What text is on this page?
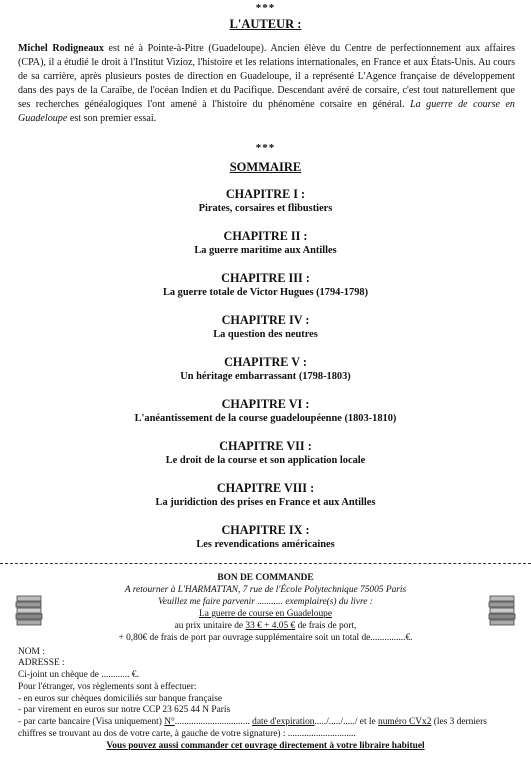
***
L'AUTEUR :
Michel Rodigneaux est né à Pointe-à-Pitre (Guadeloupe). Ancien élève du Centre de perfectionnement aux affaires (CPA), il a étudié le droit à l'Institut Vizioz, l'histoire et les relations internationales, en France et aux États-Unis. Au cours de sa carrière, après plusieurs postes de direction en Guadeloupe, il a représenté L'Agence française de développement dans des pays de la Caraïbe, de l'océan Indien et du Pacifique. Descendant avéré de corsaire, c'est tout naturellement que ses recherches généalogiques l'ont amené à l'histoire du phénomène corsaire en général. La guerre de course en Guadeloupe est son premier essai.
***
SOMMAIRE
CHAPITRE I :
Pirates, corsaires et flibustiers
CHAPITRE II :
La guerre maritime aux Antilles
CHAPITRE III :
La guerre totale de Victor Hugues (1794-1798)
CHAPITRE IV :
La question des neutres
CHAPITRE V :
Un héritage embarrassant (1798-1803)
CHAPITRE VI :
L'anéantissement de la course guadeloupéenne (1803-1810)
CHAPITRE VII :
Le droit de la course et son application locale
CHAPITRE VIII :
La juridiction des prises en France et aux Antilles
CHAPITRE IX :
Les revendications américaines
BON DE COMMANDE
A retourner à L'HARMATTAN, 7 rue de l'École Polytechnique 75005 Paris
Veuillez me faire parvenir ........... exemplaire(s) du livre :
La guerre de course en Guadeloupe
au prix unitaire de 33 € + 4.05 € de frais de port,
+ 0,80€ de frais de port par ouvrage supplémentaire soit un total de...............€.
NOM :
ADRESSE :
Ci-joint un chèque de ............ €.
Pour l'étranger, vos règlements sont à effectuer:
- en euros sur chèques domiciliés sur banque française
- par virement en euros sur notre CCP 23 625 44 N Paris
- par carte bancaire (Visa uniquement) N°................................ date d'expiration...../...../...../ et le numéro CVx2 (les 3 derniers
chiffres se trouvant au dos de votre carte, à gauche de votre signature) : .............................
Vous pouvez aussi commander cet ouvrage directement à votre libraire habituel
